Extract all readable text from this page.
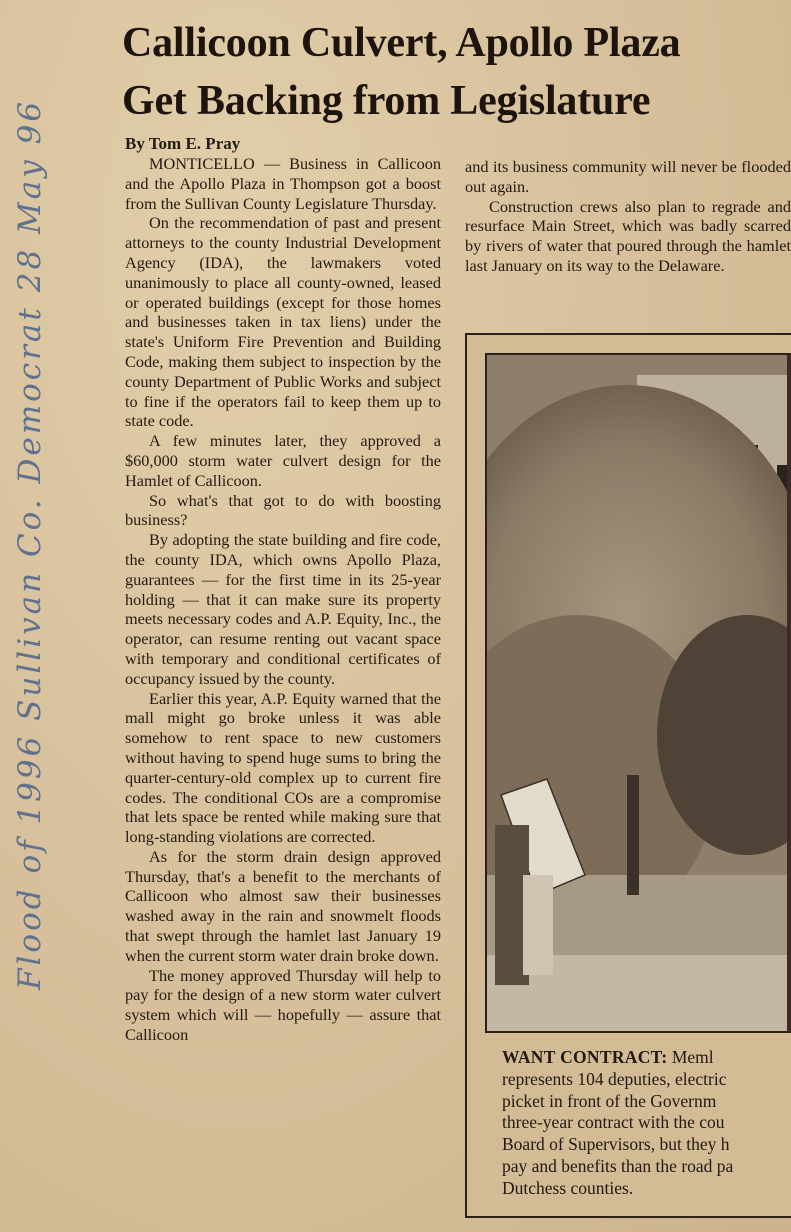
Callicoon Culvert, Apollo Plaza
Get Backing from Legislature
Flood of 1996 Sullivan Co. Democrat 28 May 96	By Tom E. Pray

MONTICELLO — Business in Callicoon and the Apollo Plaza in Thompson got a boost from the Sullivan County Legislature Thursday.

On the recommendation of past and present attorneys to the county Industrial Development Agency (IDA), the lawmakers voted unanimously to place all county-owned, leased or operated buildings (except for those homes and businesses taken in tax liens) under the state's Uniform Fire Prevention and Building Code, making them subject to inspection by the county Department of Public Works and subject to fine if the operators fail to keep them up to state code.

A few minutes later, they approved a $60,000 storm water culvert design for the Hamlet of Callicoon.

So what's that got to do with boosting business?

By adopting the state building and fire code, the county IDA, which owns Apollo Plaza, guarantees — for the first time in its 25-year holding — that it can make sure its property meets necessary codes and A.P. Equity, Inc., the operator, can resume renting out vacant space with temporary and conditional certificates of occupancy issued by the county.

Earlier this year, A.P. Equity warned that the mall might go broke unless it was able somehow to rent space to new customers without having to spend huge sums to bring the quarter-century-old complex up to current fire codes. The conditional COs are a compromise that lets space be rented while making sure that long-standing violations are corrected.

As for the storm drain design approved Thursday, that's a benefit to the merchants of Callicoon who almost saw their businesses washed away in the rain and snowmelt floods that swept through the hamlet last January 19 when the current storm water drain broke down.

The money approved Thursday will help to pay for the design of a new storm water culvert system which will — hopefully — assure that Callicoon

and its business community will never be flooded out again.

Construction crews also plan to regrade and resurface Main Street, which was badly scarred by rivers of water that poured through the hamlet last January on its way to the Delaware.

WANT CONTRACT: Meml
represents 104 deputies, electric
picket in front of the Governm
three-year contract with the cou
Board of Supervisors, but they h
pay and benefits than the road pa
Dutchess counties.
